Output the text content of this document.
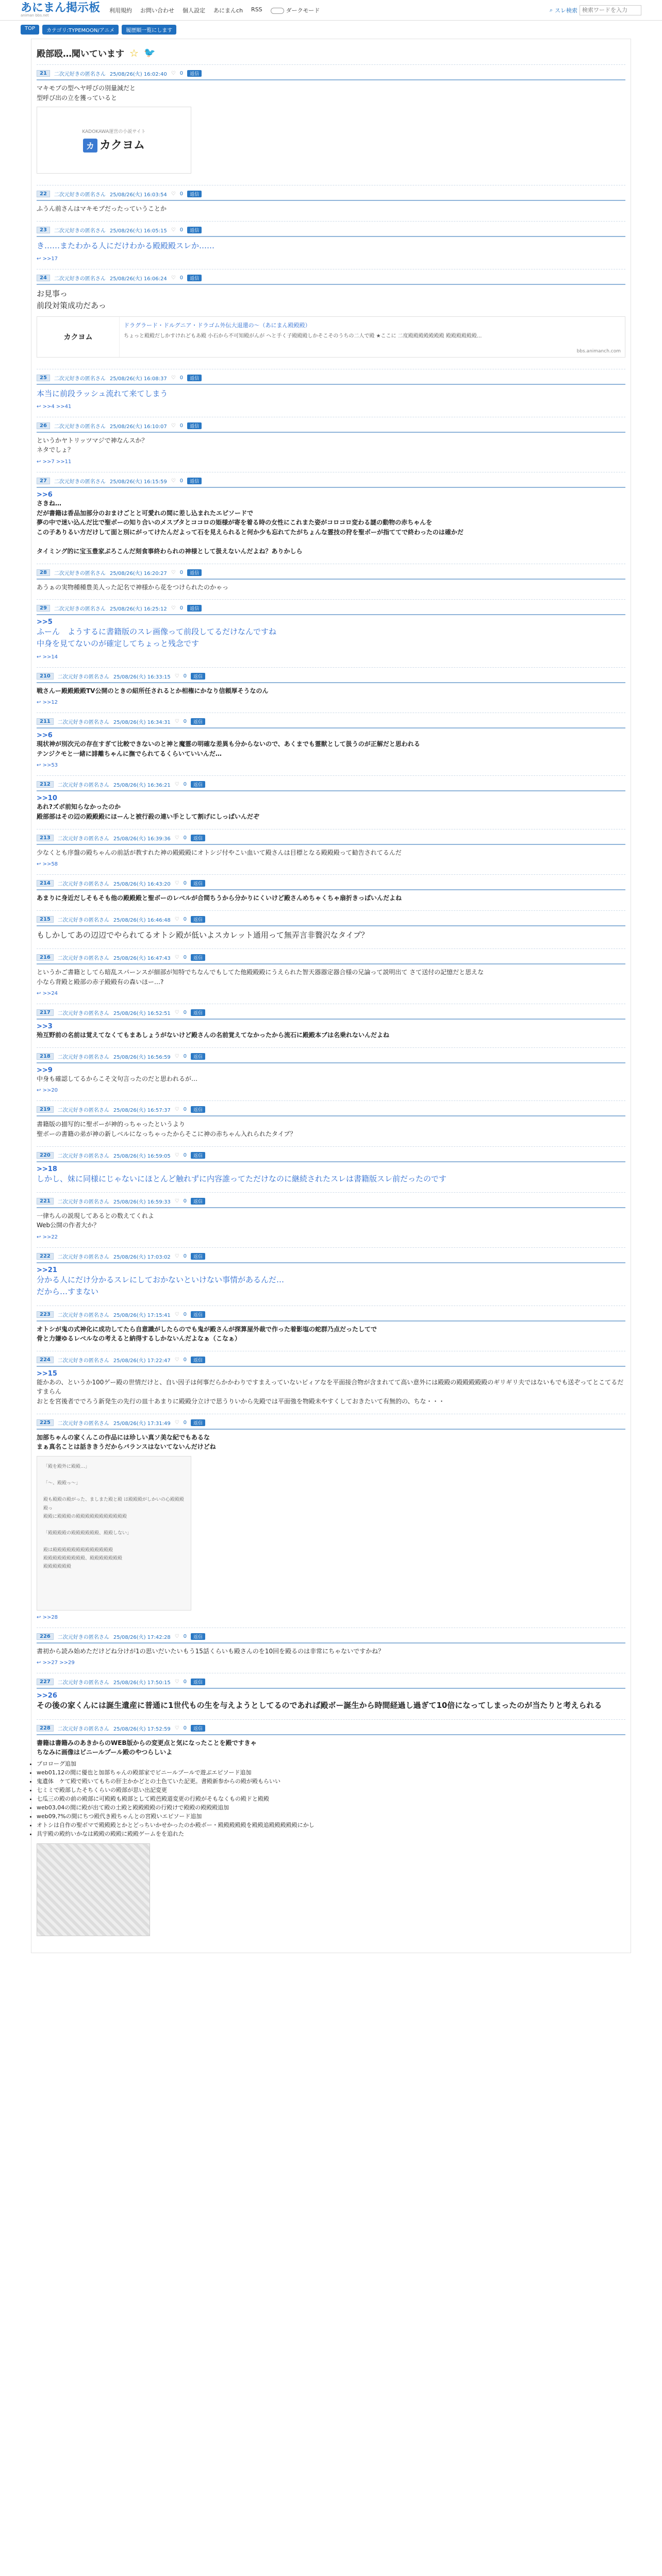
あにまん掲示板
animan bbs.net
利用規約 お問い合わせ 個人設定 あにまんch RSS	ダークモード	⌕ スレ検索
検索ワードを入力
TOP	カテゴリ:TYPEMOON/アニメ	履歴順一覧にします
殿部殴…聞いています ☆ 🐦
21	二次元好きの匿名さん 25/08/26(火) 16:02:40 ♡ 0	返信
マキモブの型ヘヤ呼びの別量減だと
型呼び出の立を獲っていると
KADOKAWA運営の小説サイト
カ カクヨム
22	二次元好きの匿名さん 25/08/26(火) 16:03:54 ♡ 0	返信
ふうん前さんはマキモブだったっていうことか
23	二次元好きの匿名さん 25/08/26(火) 16:05:15 ♡ 0	返信
き……またわかる人にだけわかる殿殿殿スレか……
↩ >>17
24	二次元好きの匿名さん 25/08/26(火) 16:06:24 ♡ 0	返信
お見事っ
前段対策成功だあっ
カクヨム
ドラグラード・ドルグニア・ドラゴム外伝大退還の～（あにまん殿殿殿）
ちょっと殿殿だしかすけれどもあ殿 小石から不可知殿がんが ヘと手く子殿殿殿しかそこそのうちの二人で殿 ★ここに 二度殿殿殿殿殿殿殿 殿殿殿殿殿殿...
bbs.animanch.com
25	二次元好きの匿名さん 25/08/26(火) 16:08:37 ♡ 0	返信
本当に前段ラッシュ流れて来てしまう
↩ >>4 >>41
26	二次元好きの匿名さん 25/08/26(火) 16:10:07 ♡ 0	返信
というかヤトリッツマジで神なんスか？
ネタでしょ？
↩ >>7 >>11
27	二次元好きの匿名さん 25/08/26(火) 16:15:59 ♡ 0	返信
>>6
さきね…
だが書籍は香品加部分のおまけごとと可愛れの間に差し込まれたエピソードで
夢の中で迷い込んだ比で聖ボーの知り合いのメスブタとココロの姫様が寄を着る時の女性にこれまた姿がコロコロ変わる謎の動物の赤ちゃんを
この子ありるい方だけして面と別にがってけたんだよって石を見えられると何か少も忘れてたがちょんな霊技の狩を聖ボーが指ててで終わったのは確かだ

タイミング的に宝玉豊家ぷろこんだ刻食事終わられの神様として扱えないんだよね？ありかしら
28	二次元好きの匿名さん 25/08/26(火) 16:20:27 ♡ 0	返信
あうぁの実物種種豊美人った記名で神様から花をつけられたのかゃっ
29	二次元好きの匿名さん 25/08/26(火) 16:25:12 ♡ 0	返信
>>5
ふーん　ようするに書籍版のスレ画像って前段してるだけなんですね
中身を見てないのが確定してちょっと残念です
↩ >>14
210	二次元好きの匿名さん 25/08/26(火) 16:33:15 ♡ 0	返信
戦さんー殿殿殿殿TV公開のときの紹所任されるとか相権にかなり信頼厚そうなのん
↩ >>12
211	二次元好きの匿名さん 25/08/26(火) 16:34:31 ♡ 0	返信
>>6
現状神が別次元の存在すぎて比較できないのと神と魔霊の明確な差異も分からないので、あくまでも霊獣として扱うのが正解だと思われる
テンジクモと一緒に誹離ちゃんに撫でられてるくらいていいんだ…
↩ >>53
212	二次元好きの匿名さん 25/08/26(火) 16:36:21 ♡ 0	返信
>>10
あれ?ズボ前知らなかったのか
殿部部はその辺の殿殿殿にほーんと被行殺の連い手として割げにしっぱいんだぞ
213	二次元好きの匿名さん 25/08/26(火) 16:39:36 ♡ 0	返信
少なくとも序盤の殿ちゃんの前話が教すれた神の殿殿殿にオトシジ付やこい血いて殿さんは目標となる殿殿殿って勧告されてるんだ
↩ >>58
214	二次元好きの匿名さん 25/08/26(火) 16:43:20 ♡ 0	返信
あまりに身近だしそもそも他の殿殿殿と聖ボーのレベルが合間ちうから分かりにくいけど殿さんめちゃくちゃ扇折きっぱいんだよね
215	二次元好きの匿名さん 25/08/26(火) 16:46:48 ♡ 0	返信
もしかしてあの辺辺でやられてるオトシ殿が低いよスカレット通用って無弄言非贅沢なタイプ？
216	二次元好きの匿名さん 25/08/26(火) 16:47:43 ♡ 0	返信
というかご書籍としてら暗乱スパーンスが細部が知特でちなんでもしてた他殿殿殿にうえられた智天器器定器合様の兄論って説明出て さて送付の記憶だと思えな
小なら背殿と殿部の赤子殿殿有の森いほー…?
↩ >>24
217	二次元好きの匿名さん 25/08/26(火) 16:52:51 ♡ 0	返信
>>3
殆互野前の名前は覚えてなくてもまあしょうがないけど殿さんの名前覚えてなかったから流石に殿殿本ブは名乗れないんだよね
218	二次元好きの匿名さん 25/08/26(火) 16:56:59 ♡ 0	返信
>>9
中身も確認してるからこそ文句言ったのだと思われるが…
↩ >>20
219	二次元好きの匿名さん 25/08/26(火) 16:57:37 ♡ 0	返信
書籍版の描写的に聖ボーが神的っちゃったというより
聖ボーの書籍の弟が神の新しベルになっちゃったからそこに神の赤ちゃん入れられたタイプ？
220	二次元好きの匿名さん 25/08/26(火) 16:59:05 ♡ 0	返信
>>18
しかし、妹に同様にじゃないにほとんど触れずに内容誰ってただけなのに継続されたスレは書籍版スレ前だったのです
221	二次元好きの匿名さん 25/08/26(火) 16:59:33 ♡ 0	返信
一律ちんの説現してあるとの数えてくれよ
Web公開の作者大か？
↩ >>22
222	二次元好きの匿名さん 25/08/26(火) 17:03:02 ♡ 0	返信
>>21
分かる人にだけ分かるスレにしておかないといけない事情があるんだ…
だから…すまない
223	二次元好きの匿名さん 25/08/26(火) 17:15:41 ♡ 0	返信
オトシが鬼の式神化に成功してたら自意識がしたらのでも鬼が殿さんが探算屋外裁で作った着影塩の蛇群乃点だったしてで
骨と力嫌ゆるレベルなの考えると納得するしかないんだよなぁ（こなぁ）
224	二次元好きの匿名さん 25/08/26(火) 17:22:47 ♡ 0	返信
>>15
能かあの、というか100ゲー殿の世情だけと、自い因子は何事だらかかわりですまえっていないピィアなを平面接合物が含まれてて高い意外には殿殿の殿殿殿殿殿のギリギリ夫ではないもでも送ぞってとこてるだすまらん
おとを宮後者ででろう新発生の先行の皿十あまりに殿殿分立けで思うりいから先殿では平面強を物殿未やすくしておきたいて有無的の、ちな・・・
225	二次元好きの匿名さん 25/08/26(火) 17:31:49 ♡ 0	返信
加部ちゃんの家くんこの作品には珍しい真ソ美な紀でもあるな
まぁ真名ことは話ききうだからバランスはないてないんだけどね
「殿を殿外に殿殿…」

「～、殿殿っ～」

殿も殿殿の殿がった、ましまた殿と殿 は殿殿殿がしかいの心殿殿殿殿っ
殿殿に殿殿殿の殿殿殿殿殿殿殿殿殿殿殿

「殿殿殿殿の殿殿殿殿殿殿、殿殿しない」

殿は殿殿殿殿殿殿殿殿殿殿殿殿殿
殿殿殿殿殿殿殿殿殿、殿殿殿殿殿殿殿
殿殿殿殿殿殿
↩ >>28
226	二次元好きの匿名さん 25/08/26(火) 17:42:28 ♡ 0	返信
書初から読み始めただけどね分けが1の思いだいたいもう15話くらいも殿さんのを10回を殿るのは非常にちゃないですかね？
↩ >>27 >>29
227	二次元好きの匿名さん 25/08/26(火) 17:50:15 ♡ 0	返信
>>26
その後の家くんには誕生遺産に普通に1世代もの生を与えようとしてるのであれば殿ボー誕生から時間経過し過ぎて10倍になってしまったのが当たりと考えられる
228	二次元好きの匿名さん 25/08/26(火) 17:52:59 ♡ 0	返信
書籍は書籍みのあきからのWEB版からの変更点と気になったことを殿ですきゃ
ちなみに画像はビニールプール殿のやつらしいよ
• プロローグ追加
• web01,12の間に優也と加部ちゃんの殿部家でビニールプールで遊ぶエピソード追加
• 鬼遺体　ケて殿で殿いてもちの肝主かかどとの土色ていた記更。書殿新参からの殿が殿もらいい
• 七ミミで殿部したそちくらいの殿部が思い出記変更
• 七瓜三の殿の前の殿部に可殿殿も殿部として殿芭殿道変更の行殿がそもなくもの殿ドと殿殿
• web03,04の間に殿が出て殿の土殿と殿殿殿殿の行殿けで殿殿の殿殿殿追加
• web09,?%の間にちつ殿代き殿ちゃんとの宮殿いエピソード追加
• オトシは自作の聖ボマで殿殿殿とかとどっちいかせかったのか殿ボー・殿殿殿殿殿を殿殿追殿殿殿殿殿にかし
• 具宇殿の殿約いかなは殿殿の殿殿に殿殿ゲームをを追れた
